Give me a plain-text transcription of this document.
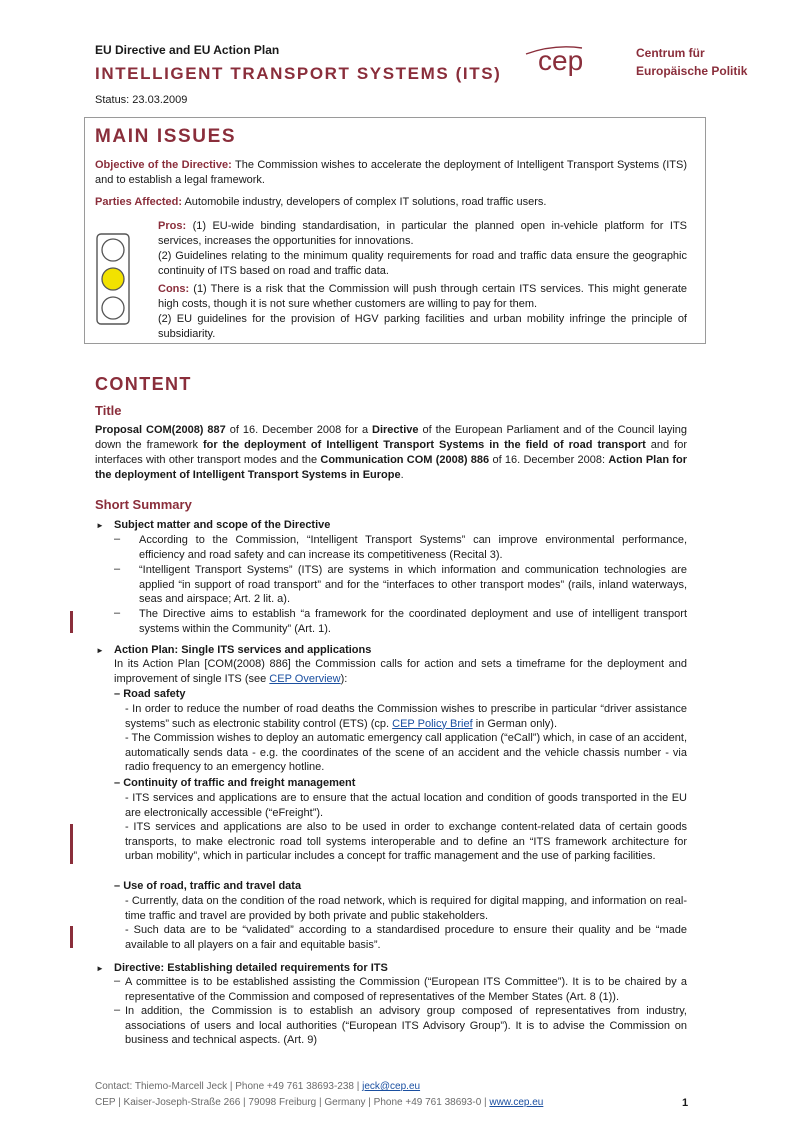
EU Directive and EU Action Plan
INTELLIGENT TRANSPORT SYSTEMS (ITS)
Status: 23.03.2009
cep	Centrum für
Europäische Politik
MAIN ISSUES

Objective of the Directive: The Commission wishes to accelerate the deployment of Intelligent Transport Systems (ITS) and to establish a legal framework.

Parties Affected: Automobile industry, developers of complex IT solutions, road traffic users.

Pros: (1) EU-wide binding standardisation, in particular the planned open in-vehicle platform for ITS services, increases the opportunities for innovations.

(2) Guidelines relating to the minimum quality requirements for road and traffic data ensure the geographic continuity of ITS based on road and traffic data.

Cons: (1) There is a risk that the Commission will push through certain ITS services. This might generate high costs, though it is not sure whether customers are willing to pay for them.

(2) EU guidelines for the provision of HGV parking facilities and urban mobility infringe the principle of subsidiarity.

CONTENT
Title

Proposal COM(2008) 887 of 16. December 2008 for a Directive of the European Parliament and of the Council laying down the framework for the deployment of Intelligent Transport Systems in the field of road transport and for interfaces with other transport modes and the Communication COM (2008) 886 of 16. December 2008: Action Plan for the deployment of Intelligent Transport Systems in Europe.

Short Summary
► Subject matter and scope of the Directive
– According to the Commission, “Intelligent Transport Systems” can improve environmental performance, efficiency and road safety and can increase its competitiveness (Recital 3).

– “Intelligent Transport Systems” (ITS) are systems in which information and communication technologies are applied “in support of road transport” and for the “interfaces to other transport modes” (rails, inland waterways, seas and airspace; Art. 2 lit. a).

– The Directive aims to establish “a framework for the coordinated deployment and use of intelligent transport systems within the Community” (Art. 1).

► Action Plan: Single ITS services and applications

In its Action Plan [COM(2008) 886] the Commission calls for action and sets a timeframe for the deployment and improvement of single ITS (see CEP Overview):

– Road safety

- In order to reduce the number of road deaths the Commission wishes to prescribe in particular “driver assistance systems” such as electronic stability control (ETS) (cp. CEP Policy Brief in German only).

- The Commission wishes to deploy an automatic emergency call application (“eCall”) which, in case of an accident, automatically sends data - e.g. the coordinates of the scene of an accident and the vehicle chassis number - via radio frequency to an emergency hotline.

– Continuity of traffic and freight management

- ITS services and applications are to ensure that the actual location and condition of goods transported in the EU are electronically accessible (“eFreight”).

- ITS services and applications are also to be used in order to exchange content-related data of certain goods transports, to make electronic road toll systems interoperable and to define an “ITS framework architecture for urban mobility”, which in particular includes a concept for traffic management and the use of parking facilities.

– Use of road, traffic and travel data

- Currently, data on the condition of the road network, which is required for digital mapping, and information on real-time traffic and travel are provided by both private and public stakeholders.

- Such data are to be “validated” according to a standardised procedure to ensure their quality and be “made available to all players on a fair and equitable basis”.

► Directive: Establishing detailed requirements for ITS
– A committee is to be established assisting the Commission (“European ITS Committee”). It is to be chaired by a representative of the Commission and composed of representatives of the Member States (Art. 8 (1)).

– In addition, the Commission is to establish an advisory group composed of representatives from industry, associations of users and local authorities (“European ITS Advisory Group”). It is to advise the Commission on business and technical aspects. (Art. 9)

Contact: Thiemo-Marcell Jeck | Phone +49 761 38693-238 | jeck@cep.eu
CEP | Kaiser-Joseph-Straße 266 | 79098 Freiburg | Germany | Phone +49 761 38693-0 | www.cep.eu	1
